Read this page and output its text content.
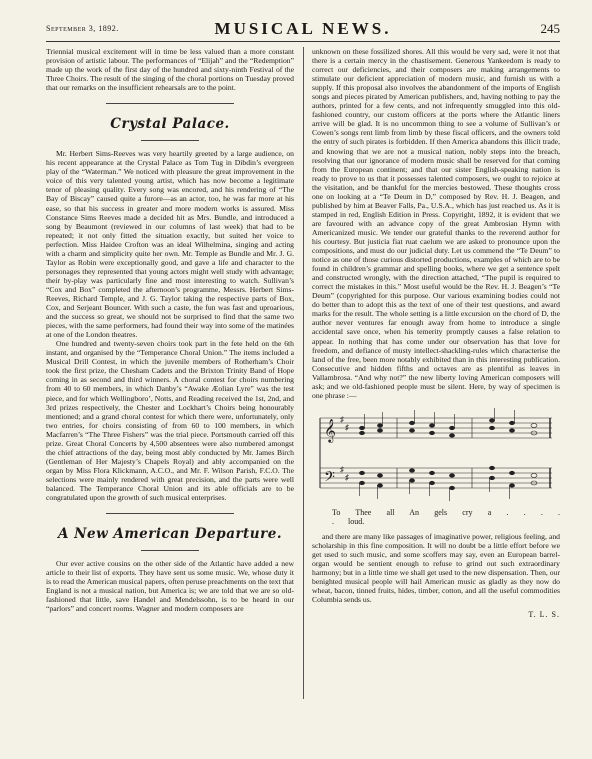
September 3, 1892.	MUSICAL NEWS.	245

Triennial musical excitement will in time be less valued than a more constant provision of artistic labour. The performances of “Elijah” and the “Redemption” made up the work of the first day of the hundred and sixty-ninth Festival of the Three Choirs. The result of the singing of the choral portions on Tuesday proved that our remarks on the insufficient rehearsals are to the point.

Crystal Palace.

Mr. Herbert Sims-Reeves was very heartily greeted by a large audience, on his recent appearance at the Crystal Palace as Tom Tug in Dibdin’s evergreen play of the “Waterman.” We noticed with pleasure the great improvement in the voice of this very talented young artist, which has now become a legitimate tenor of pleasing quality. Every song was encored, and his rendering of “The Bay of Biscay” caused quite a furore—as an actor, too, he was far more at his ease, so that his success in greater and more modern works is assured. Miss Constance Sims Reeves made a decided hit as Mrs. Bundle, and introduced a song by Beaumont (reviewed in our columns of last week) that had to be repeated; it not only fitted the situation exactly, but suited her voice to perfection. Miss Haidee Crofton was an ideal Wilhelmina, singing and acting with a charm and simplicity quite her own. Mr. Temple as Bundle and Mr. J. G. Taylor as Robin were exceptionally good, and gave a life and character to the personages they represented that young actors might well study with advantage; their by-play was particularly fine and most interesting to watch. Sullivan’s “Cox and Box” completed the afternoon’s programme, Messrs. Herbert Sims-Reeves, Richard Temple, and J. G. Taylor taking the respective parts of Box, Cox, and Serjeant Bouncer. With such a caste, the fun was fast and uproarious, and the success so great, we should not be surprised to find that the same two pieces, with the same performers, had found their way into some of the matinées at one of the London theatres.

One hundred and twenty-seven choirs took part in the fete held on the 6th instant, and organised by the “Temperance Choral Union.” The items included a Musical Drill Contest, in which the juvenile members of Rotherham’s Choir took the first prize, the Chesham Cadets and the Brixton Trinity Band of Hope coming in as second and third winners. A choral contest for choirs numbering from 40 to 60 members, in which Danby’s “Awake Æolian Lyre” was the test piece, and for which Wellingboro’, Notts, and Reading received the 1st, 2nd, and 3rd prizes respectively, the Chester and Lockhart’s Choirs being honourably mentioned; and a grand choral contest for which there were, unfortunately, only two entries, for choirs consisting of from 60 to 100 members, in which Macfarren’s “The Three Fishers” was the trial piece. Portsmouth carried off this prize. Great Choral Concerts by 4,500 absentees were also numbered amongst the chief attractions of the day, being most ably conducted by Mr. James Birch (Gentleman of Her Majesty’s Chapels Royal) and ably accompanied on the organ by Miss Flora Klickmann, A.C.O., and Mr. F. Wilson Parish, F.C.O. The selections were mainly rendered with great precision, and the parts were well balanced. The Temperance Choral Union and its able officials are to be congratulated upon the growth of such musical enterprises.

A New American Departure.

Our ever active cousins on the other side of the Atlantic have added a new article to their list of exports. They have sent us some music. We, whose duty it is to read the American musical papers, often peruse preachments on the text that England is not a musical nation, but America is; we are told that we are so old-fashioned that little, save Handel and Mendelssohn, is to be heard in our “parlors” and concert rooms. Wagner and modern composers are

unknown on these fossilized shores. All this would be very sad, were it not that there is a certain mercy in the chastisement. Generous Yankeedom is ready to correct our deficiencies, and their composers are making arrangements to stimulate our deficient appreciation of modern music, and furnish us with a supply. If this proposal also involves the abandonment of the imports of English songs and pieces pirated by American publishers, and, having nothing to pay the authors, printed for a few cents, and not infrequently smuggled into this old-fashioned country, our custom officers at the ports where the Atlantic liners arrive will be glad. It is no uncommon thing to see a volume of Sullivan’s or Cowen’s songs rent limb from limb by these fiscal officers, and the owners told the entry of such pirates is forbidden. If then America abandons this illicit trade, and knowing that we are not a musical nation, nobly steps into the breach, resolving that our ignorance of modern music shall be reserved for that coming from the European continent; and that our sister English-speaking nation is ready to prove to us that it possesses talented composers, we ought to rejoice at the visitation, and be thankful for the mercies bestowed. These thoughts cross one on looking at a “Te Deum in D,” composed by Rev. H. J. Beagen, and published by him at Beaver Falls, Pa., U.S.A., which has just reached us. As it is stamped in red, English Edition in Press. Copyright, 1892, it is evident that we are favoured with an advance copy of the great Ambrosian Hymn with Americanized music. We tender our grateful thanks to the reverend author for his courtesy. But justicia fiat ruat caelum we are asked to pronounce upon the compositions, and must do our judicial duty. Let us commend the “Te Deum” to notice as one of those curious distorted productions, examples of which are to be found in children’s grammar and spelling books, where we get a sentence spelt and constructed wrongly, with the direction attached, “The pupil is required to correct the mistakes in this.” Most useful would be the Rev. H. J. Beagen’s “Te Deum” (copyrighted for this purpose. Our various examining bodies could not do better than to adopt this as the text of one of their test questions, and award marks for the result. The whole setting is a little excursion on the chord of D, the author never ventures far enough away from home to introduce a single accidental save once, when his temerity promptly causes a false relation to appear. In nothing that has come under our observation has that love for freedom, and defiance of musty intellect-shackling-rules which characterise the land of the free, been more notably exhibited than in this interesting publication. Consecutive and hidden fifths and octaves are as plentiful as leaves in Vallambrosa. “And why not?” the new liberty loving American composers will ask; and we old-fashioned people must be silent. Here, by way of specimen is one phrase :—

𝄞
𝄢
♯
♯
♯
♯
To Thee all An gels cry a . . . . . loud.

and there are many like passages of imaginative power, religious feeling, and scholarship in this fine composition. It will no doubt be a little effort before we get used to such music, and some scoffers may say, even an European barrel-organ would be sentient enough to refuse to grind out such extraordinary harmony; but in a little time we shall get used to the new dispensation. Then, our benighted musical people will hail American music as gladly as they now do wheat, bacon, tinned fruits, hides, timber, cotton, and all the useful commodities Columbia sends us.

T. L. S.
